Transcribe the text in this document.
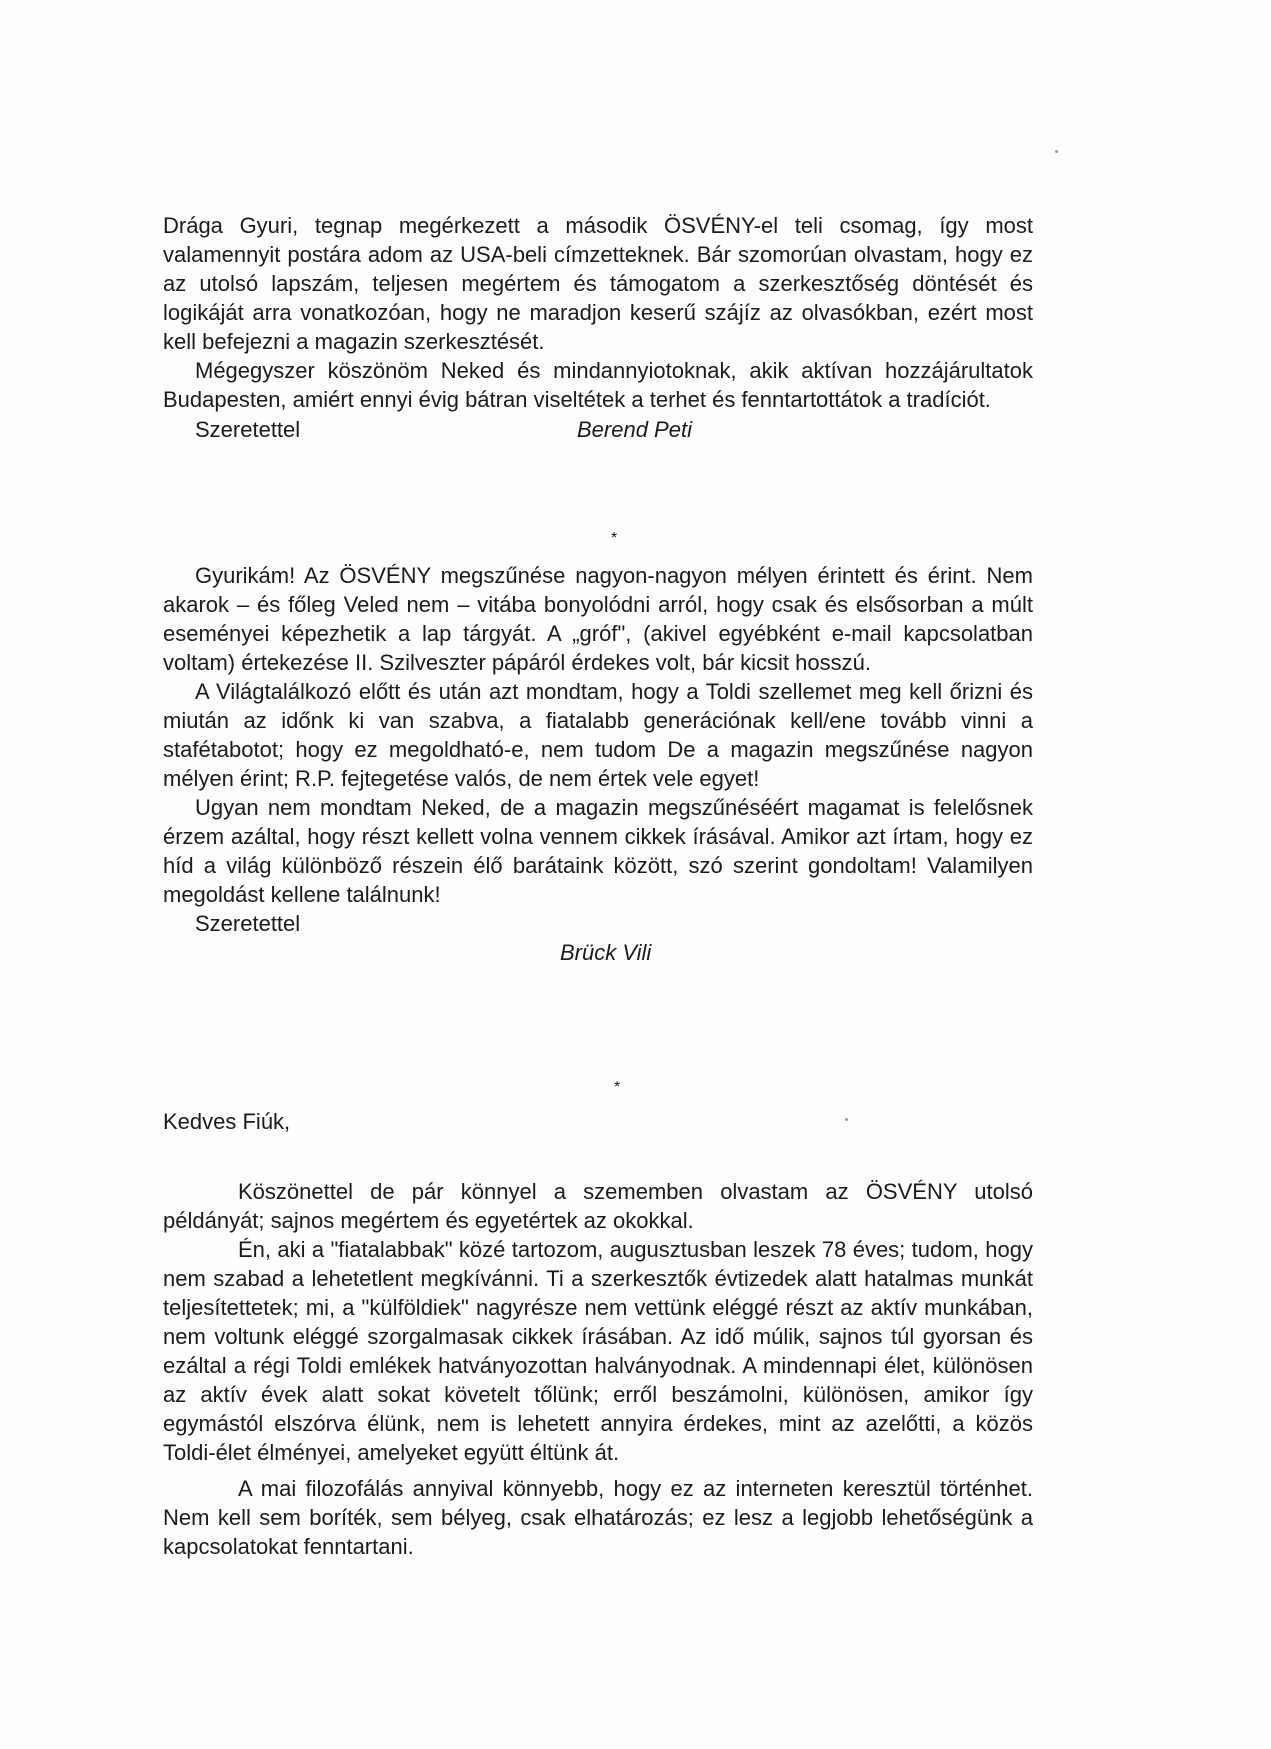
Drága Gyuri, tegnap megérkezett a második ÖSVÉNY-el teli csomag, így most valamennyit postára adom az USA-beli címzetteknek. Bár szomorúan olvastam, hogy ez az utolsó lapszám, teljesen megértem és támogatom a szerkesztőség döntését és logikáját arra vonatkozóan, hogy ne maradjon keserű szájíz az olvasókban, ezért most kell befejezni a magazin szerkesztését.

Mégegyszer köszönöm Neked és mindannyiotoknak, akik aktívan hozzájárultatok Budapesten, amiért ennyi évig bátran viseltétek a terhet és fenntartottátok a tradíciót.

Szeretettel	Berend Peti
*

Gyurikám! Az ÖSVÉNY megszűnése nagyon-nagyon mélyen érintett és érint. Nem akarok – és főleg Veled nem – vitába bonyolódni arról, hogy csak és elsősorban a múlt eseményei képezhetik a lap tárgyát. A „gróf", (akivel egyébként e-mail kapcsolatban voltam) értekezése II. Szilveszter pápáról érdekes volt, bár kicsit hosszú.

A Világtalálkozó előtt és után azt mondtam, hogy a Toldi szellemet meg kell őrizni és miután az időnk ki van szabva, a fiatalabb generációnak kell/ene tovább vinni a stafétabotot; hogy ez megoldható-e, nem tudom De a magazin megszűnése nagyon mélyen érint; R.P. fejtegetése valós, de nem értek vele egyet!

Ugyan nem mondtam Neked, de a magazin megszűnéséért magamat is felelősnek érzem azáltal, hogy részt kellett volna vennem cikkek írásával. Amikor azt írtam, hogy ez híd a világ különböző részein élő barátaink között, szó szerint gondoltam! Valamilyen megoldást kellene találnunk!

Szeretettel

Brück Vili

*

Kedves Fiúk,

Köszönettel de pár könnyel a szememben olvastam az ÖSVÉNY utolsó példányát; sajnos megértem és egyetértek az okokkal.

Én, aki a "fiatalabbak" közé tartozom, augusztusban leszek 78 éves; tudom, hogy nem szabad a lehetetlent megkívánni. Ti a szerkesztők évtizedek alatt hatalmas munkát teljesítettetek; mi, a "külföldiek" nagyrésze nem vettünk eléggé részt az aktív munkában, nem voltunk eléggé szorgalmasak cikkek írásában. Az idő múlik, sajnos túl gyorsan és ezáltal a régi Toldi emlékek hatványozottan halványodnak. A mindennapi élet, különösen az aktív évek alatt sokat követelt tőlünk; erről beszámolni, különösen, amikor így egymástól elszórva élünk, nem is lehetett annyira érdekes, mint az azelőtti, a közös Toldi-élet élményei, amelyeket együtt éltünk át.

A mai filozofálás annyival könnyebb, hogy ez az interneten keresztül történhet. Nem kell sem boríték, sem bélyeg, csak elhatározás; ez lesz a legjobb lehetőségünk a kapcsolatokat fenntartani.
